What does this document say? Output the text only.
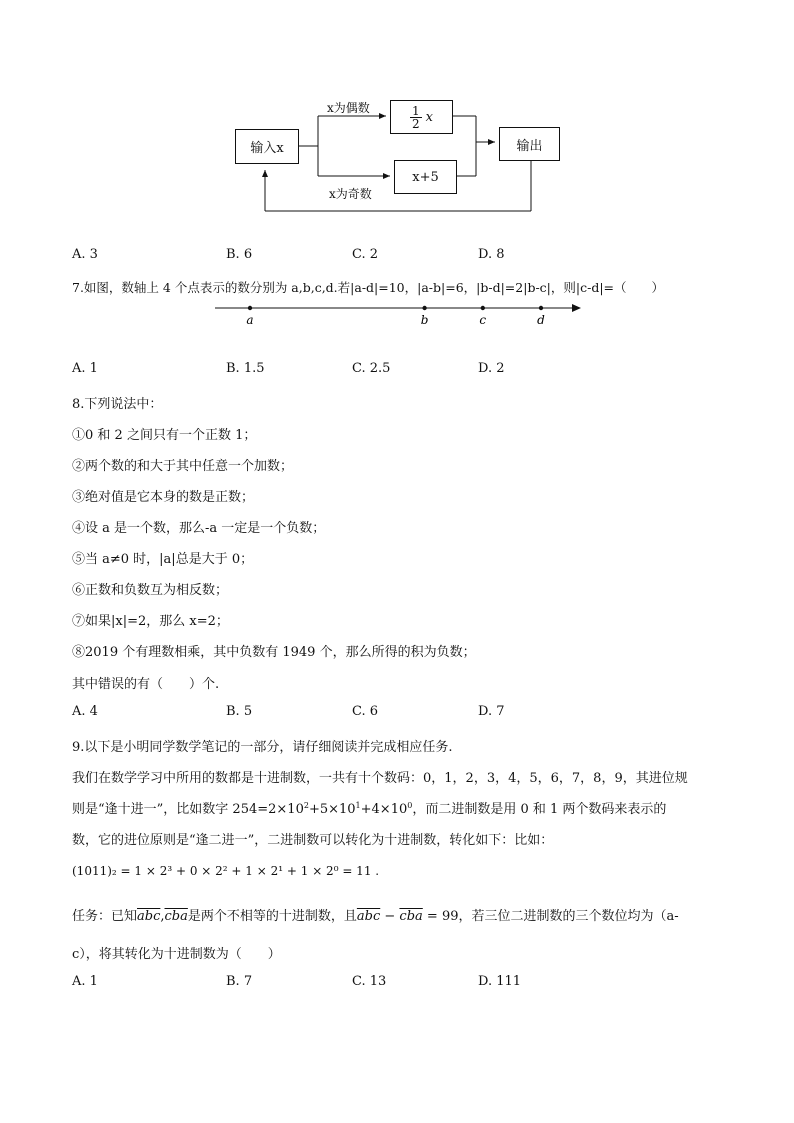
输入x
x为偶数
x为奇数
$\frac{1}{2}$ x
x+5
输出
A. 3	B. 6	C. 2	D. 8
7.如图，数轴上 4 个点表示的数分别为 a,b,c,d.若|a-d|=10，|a-b|=6，|b-d|=2|b-c|，则|c-d|=（　　）
a	b	c	d
A. 1	B. 1.5	C. 2.5	D. 2
8.下列说法中：
①0 和 2 之间只有一个正数 1；
②两个数的和大于其中任意一个加数；
③绝对值是它本身的数是正数；
④设 a 是一个数，那么-a 一定是一个负数；
⑤当 a≠0 时，|a|总是大于 0；
⑥正数和负数互为相反数；
⑦如果|x|=2，那么 x=2；
⑧2019 个有理数相乘，其中负数有 1949 个，那么所得的积为负数；
其中错误的有（　　）个.
A. 4	B. 5	C. 6	D. 7
9.以下是小明同学数学笔记的一部分，请仔细阅读并完成相应任务.
我们在数学学习中所用的数都是十进制数，一共有十个数码：0，1，2，3，4，5，6，7，8，9，其进位规
则是“逢十进一”，比如数字 $254=2\times 10^2+5\times 10^1+4\times 10^0$，而二进制数是用 0 和 1 两个数码来表示的
数，它的进位原则是“逢二进一”，二进制数可以转化为十进制数，转化如下：比如：
(1011)₂ = 1 × 2³ + 0 × 2² + 1 × 2¹ + 1 × 2⁰ = 11 .
任务：已知$\overline{abc},\overline{cba}$是两个不相等的十进制数，且$\overline{abc} - \overline{cba} = 99$，若三位二进制数的三个数位均为（a-
c），将其转化为十进制数为（　　）
A. 1	B. 7	C. 13	D. 111
